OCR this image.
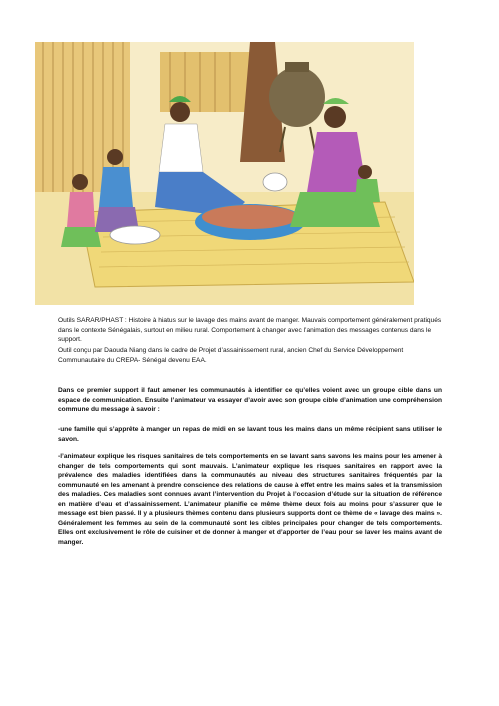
Outils SARAR/PHAST : Histoire à hiatus sur le lavage des mains avant de manger. Mauvais comportement généralement pratiqués dans le contexte Sénégalais, surtout en milieu rural. Comportement à changer avec l’animation des messages contenus dans le support.

Outil conçu par Daouda Niang dans le cadre de Projet d’assainissement rural, ancien Chef du Service Développement Communautaire du CREPA- Sénégal devenu EAA.

Dans ce premier support il faut amener les communautés à identifier ce qu’elles voient avec un groupe cible dans un espace de communication. Ensuite l’animateur va essayer d’avoir avec son groupe cible d’animation une compréhension commune du message à savoir :

-une famille qui s’apprête à manger un repas de midi en se lavant tous les mains dans un même récipient sans utiliser le savon.

-l’animateur explique les risques sanitaires de tels comportements en se lavant sans savons les mains pour les amener à changer de tels comportements qui sont mauvais. L’animateur explique les risques sanitaires en rapport avec la prévalence des maladies identifiées dans la communautés au niveau des structures sanitaires fréquentés par la communauté en les amenant à prendre conscience des relations de cause à effet entre les mains sales et la transmission des maladies. Ces maladies sont connues avant l’intervention du Projet à l’occasion d’étude sur la situation de référence en matière d’eau et d’assainissement. L’animateur planifie ce même thème deux fois au moins pour s’assurer que le message est bien passé. Il y a plusieurs thèmes contenu dans plusieurs supports dont ce thème de « lavage des mains ». Généralement les femmes au sein de la communauté sont les cibles principales pour changer de tels comportements. Elles ont exclusivement le rôle de cuisiner et de donner à manger et d’apporter de l’eau pour se laver les mains avant de manger.
